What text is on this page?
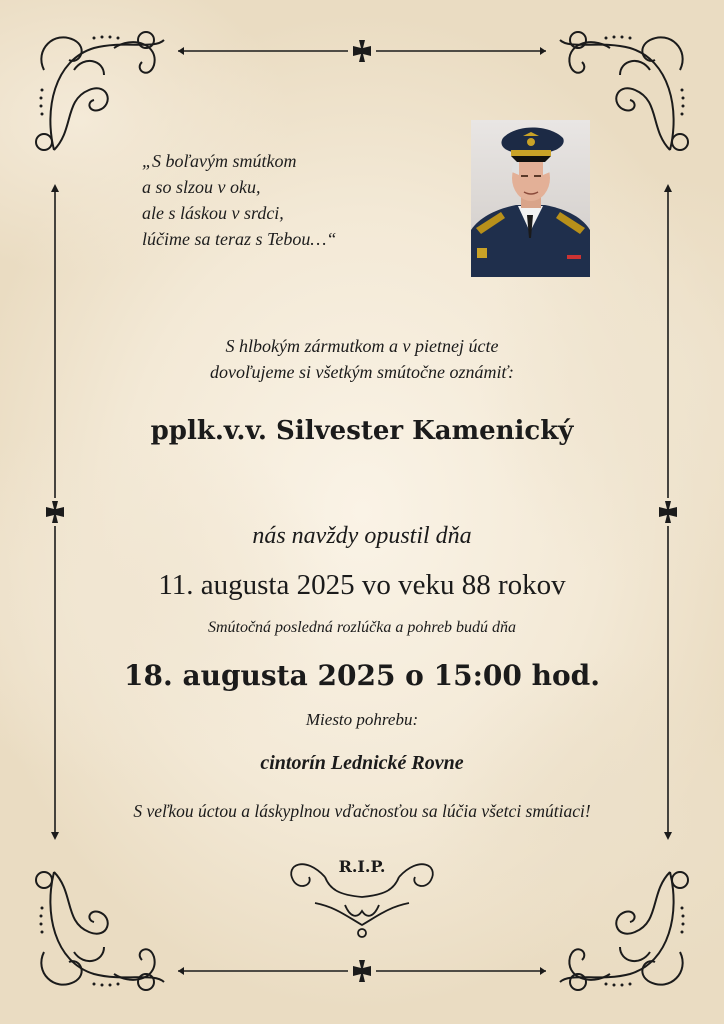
„S boľavým smútkom
a so slzou v oku,
ale s láskou v srdci,
lúčime sa teraz s Tebou…“
S hlbokým zármutkom a v pietnej úcte
dovoľujeme si všetkým smútočne oznámiť:
pplk.v.v. Silvester Kamenický
nás navždy opustil dňa
11. augusta 2025 vo veku 88 rokov
Smútočná posledná rozlúčka a pohreb budú dňa
18. augusta 2025 o 15:00 hod.
Miesto pohrebu:
cintorín Lednické Rovne
S veľkou úctou a láskyplnou vďačnosťou sa lúčia všetci smútiaci!
R.I.P.
